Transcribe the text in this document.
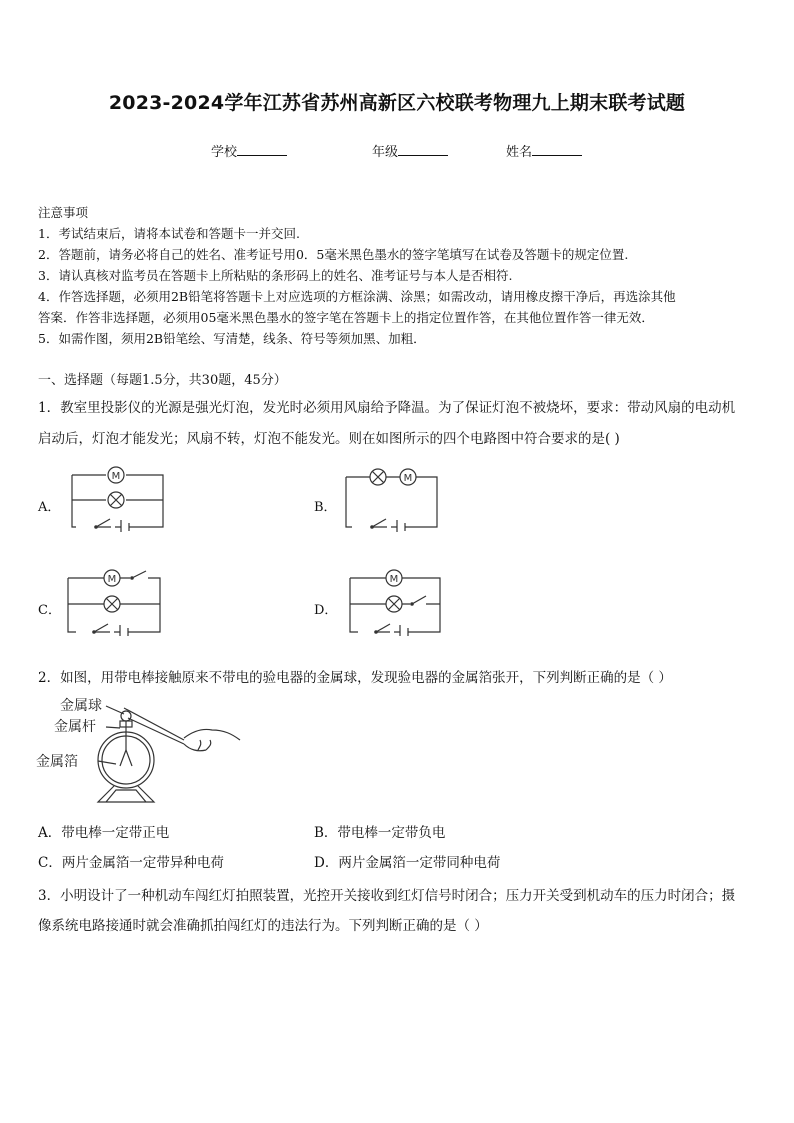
2023-2024学年江苏省苏州高新区六校联考物理九上期末联考试题
学校	年级	姓名
注意事项
1．考试结束后，请将本试卷和答题卡一并交回.
2．答题前，请务必将自己的姓名、准考证号用0．5毫米黑色墨水的签字笔填写在试卷及答题卡的规定位置.
3．请认真核对监考员在答题卡上所粘贴的条形码上的姓名、准考证号与本人是否相符.
4．作答选择题，必须用2B铅笔将答题卡上对应选项的方框涂满、涂黑；如需改动，请用橡皮擦干净后，再选涂其他
答案．作答非选择题，必须用05毫米黑色墨水的签字笔在答题卡上的指定位置作答，在其他位置作答一律无效．
5．如需作图，须用2B铅笔绘、写清楚，线条、符号等须加黑、加粗．
一、选择题（每题1.5分，共30题，45分）
1．教室里投影仪的光源是强光灯泡，发光时必须用风扇给予降温。为了保证灯泡不被烧坏，要求：带动风扇的电动机
启动后，灯泡才能发光；风扇不转，灯泡不能发光。则在如图所示的四个电路图中符合要求的是( )
A．	B．
C．	D．
M	M
M	M
2．如图，用带电棒接触原来不带电的验电器的金属球，发现验电器的金属箔张开，下列判断正确的是（ ）
金属球
金属杆
金属箔
A．带电棒一定带正电	B．带电棒一定带负电
C．两片金属箔一定带异种电荷	D．两片金属箔一定带同种电荷
3．小明设计了一种机动车闯红灯拍照装置，光控开关接收到红灯信号时闭合；压力开关受到机动车的压力时闭合；摄
像系统电路接通时就会准确抓拍闯红灯的违法行为。下列判断正确的是（ ）
